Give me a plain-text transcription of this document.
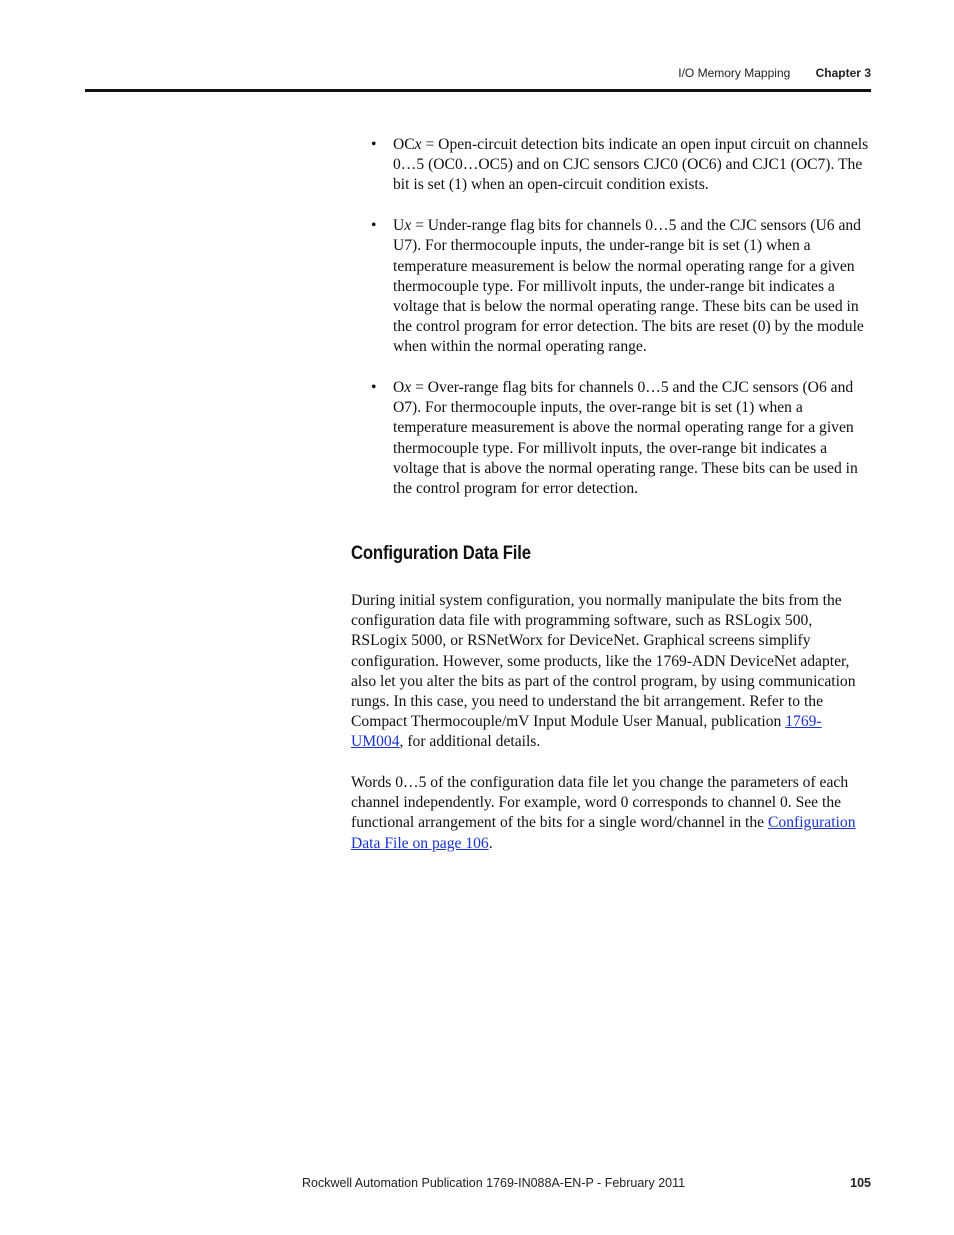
I/O Memory Mapping Chapter 3
• OCx = Open-circuit detection bits indicate an open input circuit on channels 0…5 (OC0…OC5) and on CJC sensors CJC0 (OC6) and CJC1 (OC7). The bit is set (1) when an open-circuit condition exists.
• Ux = Under-range flag bits for channels 0…5 and the CJC sensors (U6 and U7). For thermocouple inputs, the under-range bit is set (1) when a temperature measurement is below the normal operating range for a given thermocouple type. For millivolt inputs, the under-range bit indicates a voltage that is below the normal operating range. These bits can be used in the control program for error detection. The bits are reset (0) by the module when within the normal operating range.
• Ox = Over-range flag bits for channels 0…5 and the CJC sensors (O6 and O7). For thermocouple inputs, the over-range bit is set (1) when a temperature measurement is above the normal operating range for a given thermocouple type. For millivolt inputs, the over-range bit indicates a voltage that is above the normal operating range. These bits can be used in the control program for error detection.
Configuration Data File

During initial system configuration, you normally manipulate the bits from the configuration data file with programming software, such as RSLogix 500, RSLogix 5000, or RSNetWorx for DeviceNet. Graphical screens simplify configuration. However, some products, like the 1769-ADN DeviceNet adapter, also let you alter the bits as part of the control program, by using communication rungs. In this case, you need to understand the bit arrangement. Refer to the Compact Thermocouple/mV Input Module User Manual, publication 1769-UM004, for additional details.

Words 0…5 of the configuration data file let you change the parameters of each channel independently. For example, word 0 corresponds to channel 0. See the functional arrangement of the bits for a single word/channel in the Configuration Data File on page 106.

Rockwell Automation Publication 1769-IN088A-EN-P - February 2011	105
